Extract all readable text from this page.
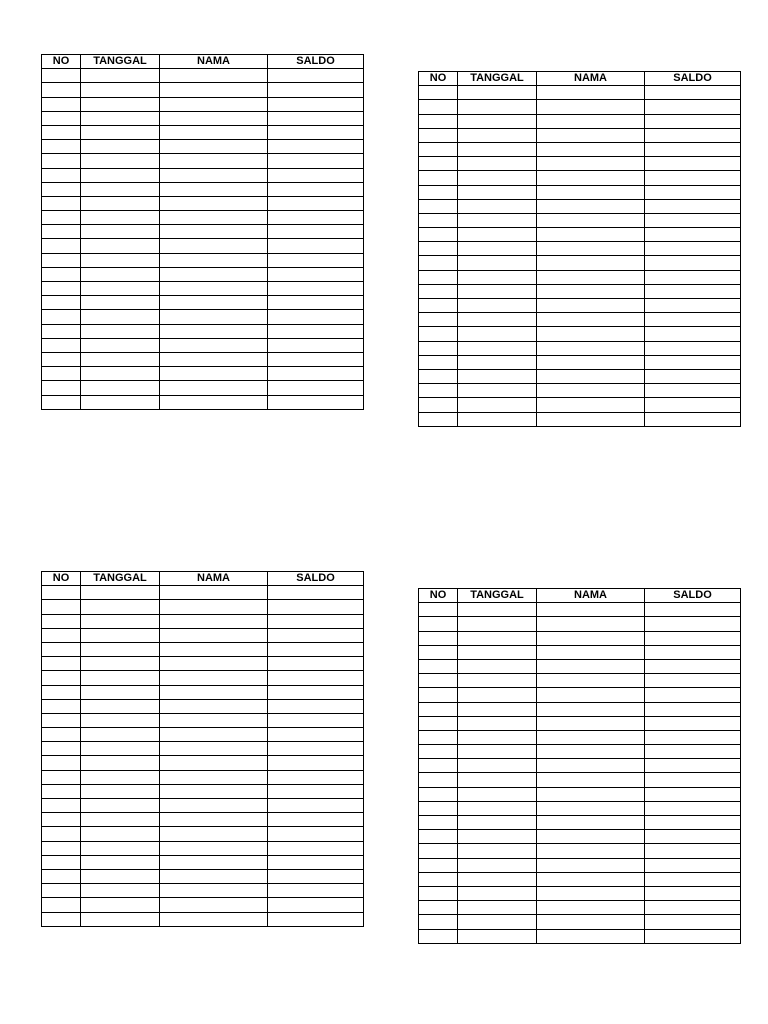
NO	TANGGAL	NAMA	SALDO

NO	TANGGAL	NAMA	SALDO

NO	TANGGAL	NAMA	SALDO

NO	TANGGAL	NAMA	SALDO
